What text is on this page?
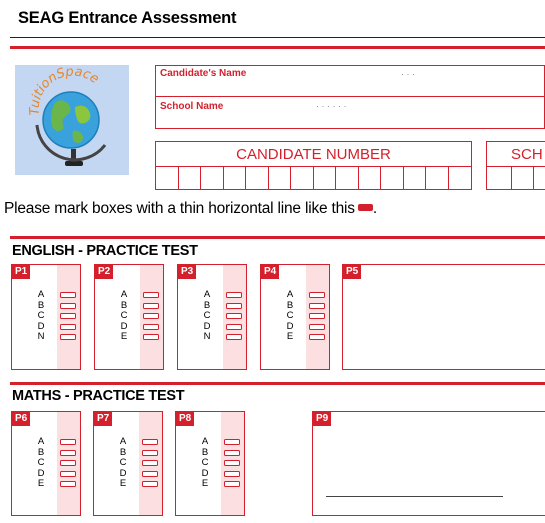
SEAG Entrance Assessment
TuitionSpace	Candidate's Name	· · ·
School Name	· · · · · ·
CANDIDATE NUMBER	SCH
Please mark boxes with a thin horizontal line like this .
ENGLISH - PRACTICE TEST
P1
A
B
C
D
N
P2
A
B
C
D
E
P3
A
B
C
D
N
P4
A
B
C
D
E
P5
MATHS - PRACTICE TEST
P6
A
B
C
D
E
P7
A
B
C
D
E
P8
A
B
C
D
E
P9
